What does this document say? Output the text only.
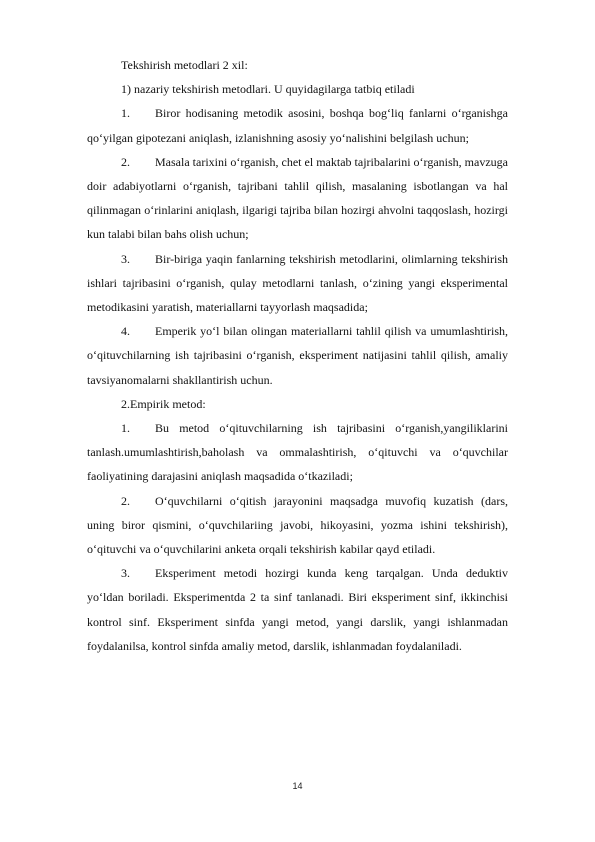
Tekshirish metodlari 2 xil:

1) nazariy tekshirish metodlari. U quyidagilarga tatbiq etiladi

1. Biror hodisaning metodik asosini, boshqa bog‘liq fanlarni o‘rganishga qo‘yilgan gipotezani aniqlash, izlanishning asosiy yo‘nalishini belgilash uchun;

2. Masala tarixini o‘rganish, chet el maktab tajribalarini o‘rganish, mavzuga doir adabiyotlarni o‘rganish, tajribani tahlil qilish, masalaning isbotlangan va hal qilinmagan o‘rinlarini aniqlash, ilgarigi tajriba bilan hozirgi ahvolni taqqoslash, hozirgi kun talabi bilan bahs olish uchun;

3. Bir-biriga yaqin fanlarning tekshirish metodlarini, olimlarning tekshirish ishlari tajribasini o‘rganish, qulay metodlarni tanlash, o‘zining yangi eksperimental metodikasini yaratish, materiallarni tayyorlash maqsadida;

4. Emperik yo‘l bilan olingan materiallarni tahlil qilish va umumlashtirish, o‘qituvchilarning ish tajribasini o‘rganish, eksperiment natijasini tahlil qilish, amaliy tavsiyanomalarni shakllantirish uchun.

2.Empirik metod:

1. Bu metod o‘qituvchilarning ish tajribasini o‘rganish,yangiliklarini tanlash.umumlashtirish,baholash va ommalashtirish, o‘qituvchi va o‘quvchilar faoliyatining darajasini aniqlash maqsadida o‘tkaziladi;

2. O‘quvchilarni o‘qitish jarayonini maqsadga muvofiq kuzatish (dars, uning biror qismini, o‘quvchilariing javobi, hikoyasini, yozma ishini tekshirish), o‘qituvchi va o‘quvchilarini anketa orqali tekshirish kabilar qayd etiladi.

3. Eksperiment metodi hozirgi kunda keng tarqalgan. Unda deduktiv yo‘ldan boriladi. Eksperimentda 2 ta sinf tanlanadi. Biri eksperiment sinf, ikkinchisi kontrol sinf. Eksperiment sinfda yangi metod, yangi darslik, yangi ishlanmadan foydalanilsa, kontrol sinfda amaliy metod, darslik, ishlanmadan foydalaniladi.

14
